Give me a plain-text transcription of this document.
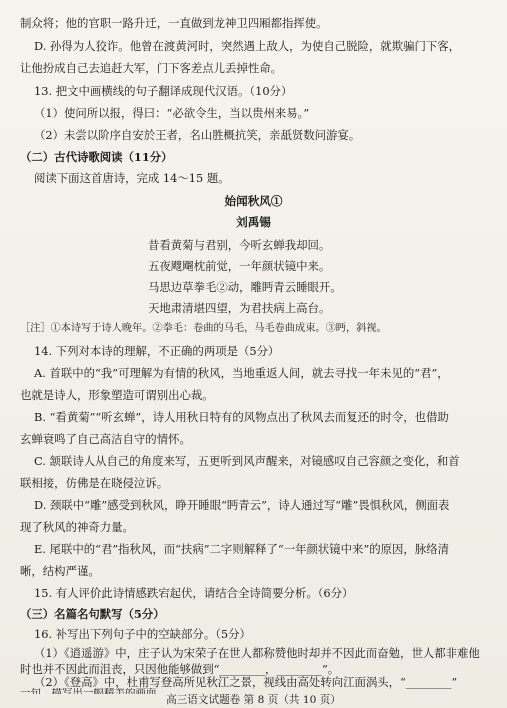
制众将；他的官职一路升迁，一直做到龙神卫四厢都指挥使。
D. 孙得为人狡诈。他曾在渡黄河时，突然遇上敌人，为使自己脱险，就欺骗门下客，
让他扮成自己去追赶大军，门下客差点儿丢掉性命。
13. 把文中画横线的句子翻译成现代汉语。（10分）
（1）使问所以报，得曰：“必欲令生，当以贵州来易。”
（2）未尝以阶序自安於王者，名山胜概抗笑，亲舐贤数问游宴。
（二）古代诗歌阅读（11分）
阅读下面这首唐诗，完成 14～15 题。
始闻秋风①
刘禹锡
昔看黄菊与君别，今听玄蝉我却回。
五夜飕飗枕前觉，一年颜状镜中来。
马思边草拳毛②动，雕眄青云睡眼开。
天地肃清堪四望，为君扶病上高台。
［注］①本诗写于诗人晚年。②拳毛：卷曲的马毛，马毛卷曲成束。③眄，斜视。
14. 下列对本诗的理解，不正确的两项是（5分）
A. 首联中的“我”可理解为有情的秋风，当地重返人间，就去寻找一年未见的“君”，
也就是诗人，形象塑造可谓别出心裁。
B. “看黄菊”“听玄蝉”，诗人用秋日特有的风物点出了秋风去而复还的时令，也借助
玄蝉衰鸣了自己高洁自守的情怀。
C. 颔联诗人从自己的角度来写，五更听到风声醒来，对镜感叹自己容颜之变化，和首
联相接，仿佛是在晓侵泣诉。
D. 颈联中“雕”感受到秋风，睁开睡眼“眄青云”，诗人通过写“雕”畏惧秋风，侧面表
现了秋风的神奇力量。
E. 尾联中的“君”指秋风，而“扶病”二字则解释了“一年颜状镜中来”的原因，脉络清
晰，结构严谨。
15. 有人评价此诗情感跌宕起伏，请结合全诗简要分析。（6分）
（三）名篇名句默写（5分）
16. 补写出下列句子中的空缺部分。（5分）
（1）《逍遥游》中，庄子认为宋荣子在世人都称赞他时却并不因此而奋勉，世人都非难他
时也并不因此而沮丧，只因他能够做到“________，________”。
（2）《登高》中，杜甫写登高所见秋江之景，视线由高处转向江面涡头，“________”
高三语文试题卷 第 8 页（共 10 页）
